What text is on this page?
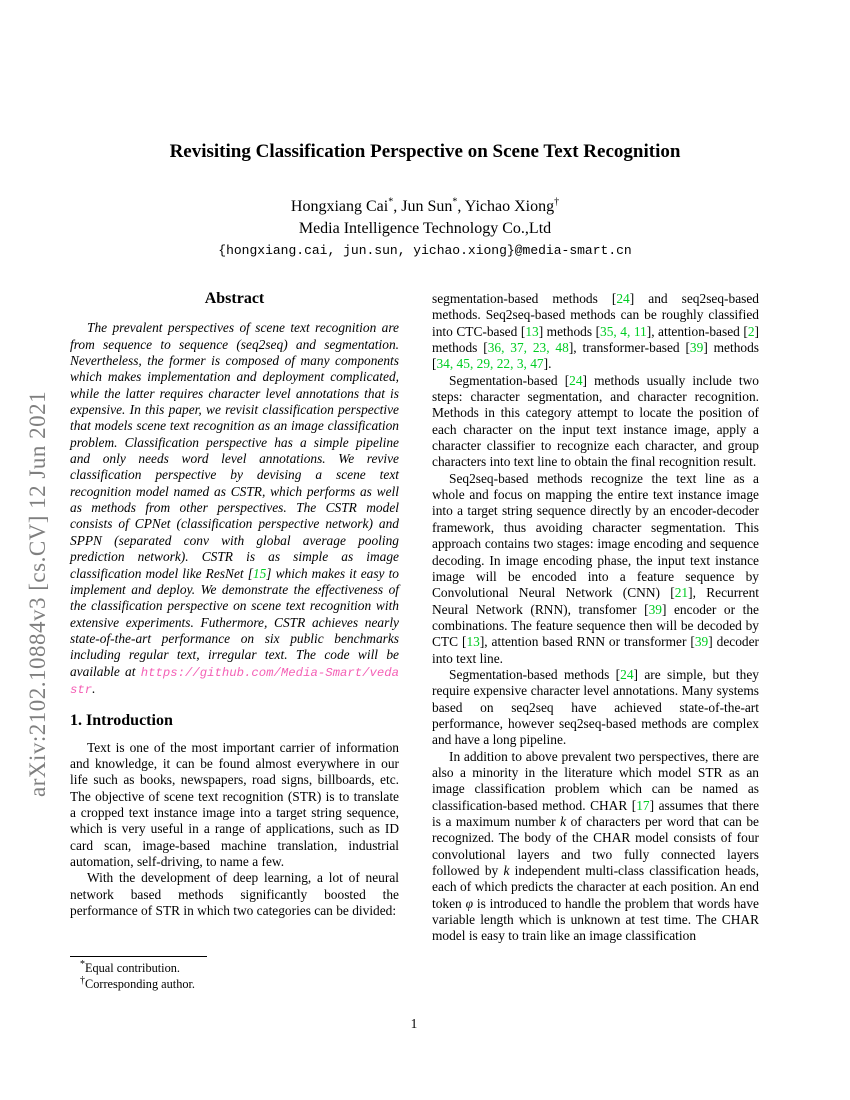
arXiv:2102.10884v3 [cs.CV] 12 Jun 2021
Revisiting Classification Perspective on Scene Text Recognition
Hongxiang Cai*, Jun Sun*, Yichao Xiong†
Media Intelligence Technology Co.,Ltd
{hongxiang.cai, jun.sun, yichao.xiong}@media-smart.cn
Abstract

The prevalent perspectives of scene text recognition are from sequence to sequence (seq2seq) and segmentation. Nevertheless, the former is composed of many components which makes implementation and deployment complicated, while the latter requires character level annotations that is expensive. In this paper, we revisit classification perspective that models scene text recognition as an image classification problem. Classification perspective has a simple pipeline and only needs word level annotations. We revive classification perspective by devising a scene text recognition model named as CSTR, which performs as well as methods from other perspectives. The CSTR model consists of CPNet (classification perspective network) and SPPN (separated conv with global average pooling prediction network). CSTR is as simple as image classification model like ResNet [15] which makes it easy to implement and deploy. We demonstrate the effectiveness of the classification perspective on scene text recognition with extensive experiments. Futhermore, CSTR achieves nearly state-of-the-art performance on six public benchmarks including regular text, irregular text. The code will be available at https://github.com/Media-Smart/vedastr.

1. Introduction

Text is one of the most important carrier of information and knowledge, it can be found almost everywhere in our life such as books, newspapers, road signs, billboards, etc. The objective of scene text recognition (STR) is to translate a cropped text instance image into a target string sequence, which is very useful in a range of applications, such as ID card scan, image-based machine translation, industrial automation, self-driving, to name a few.

With the development of deep learning, a lot of neural network based methods significantly boosted the performance of STR in which two categories can be divided:

segmentation-based methods [24] and seq2seq-based methods. Seq2seq-based methods can be roughly classified into CTC-based [13] methods [35, 4, 11], attention-based [2] methods [36, 37, 23, 48], transformer-based [39] methods [34, 45, 29, 22, 3, 47].

Segmentation-based [24] methods usually include two steps: character segmentation, and character recognition. Methods in this category attempt to locate the position of each character on the input text instance image, apply a character classifier to recognize each character, and group characters into text line to obtain the final recognition result.

Seq2seq-based methods recognize the text line as a whole and focus on mapping the entire text instance image into a target string sequence directly by an encoder-decoder framework, thus avoiding character segmentation. This approach contains two stages: image encoding and sequence decoding. In image encoding phase, the input text instance image will be encoded into a feature sequence by Convolutional Neural Network (CNN) [21], Recurrent Neural Network (RNN), transfomer [39] encoder or the combinations. The feature sequence then will be decoded by CTC [13], attention based RNN or transformer [39] decoder into text line.

Segmentation-based methods [24] are simple, but they require expensive character level annotations. Many systems based on seq2seq have achieved state-of-the-art performance, however seq2seq-based methods are complex and have a long pipeline.

In addition to above prevalent two perspectives, there are also a minority in the literature which model STR as an image classification problem which can be named as classification-based method. CHAR [17] assumes that there is a maximum number k of characters per word that can be recognized. The body of the CHAR model consists of four convolutional layers and two fully connected layers followed by k independent multi-class classification heads, each of which predicts the character at each position. An end token φ is introduced to handle the problem that words have variable length which is unknown at test time. The CHAR model is easy to train like an image classification

*Equal contribution.
†Corresponding author.
1
